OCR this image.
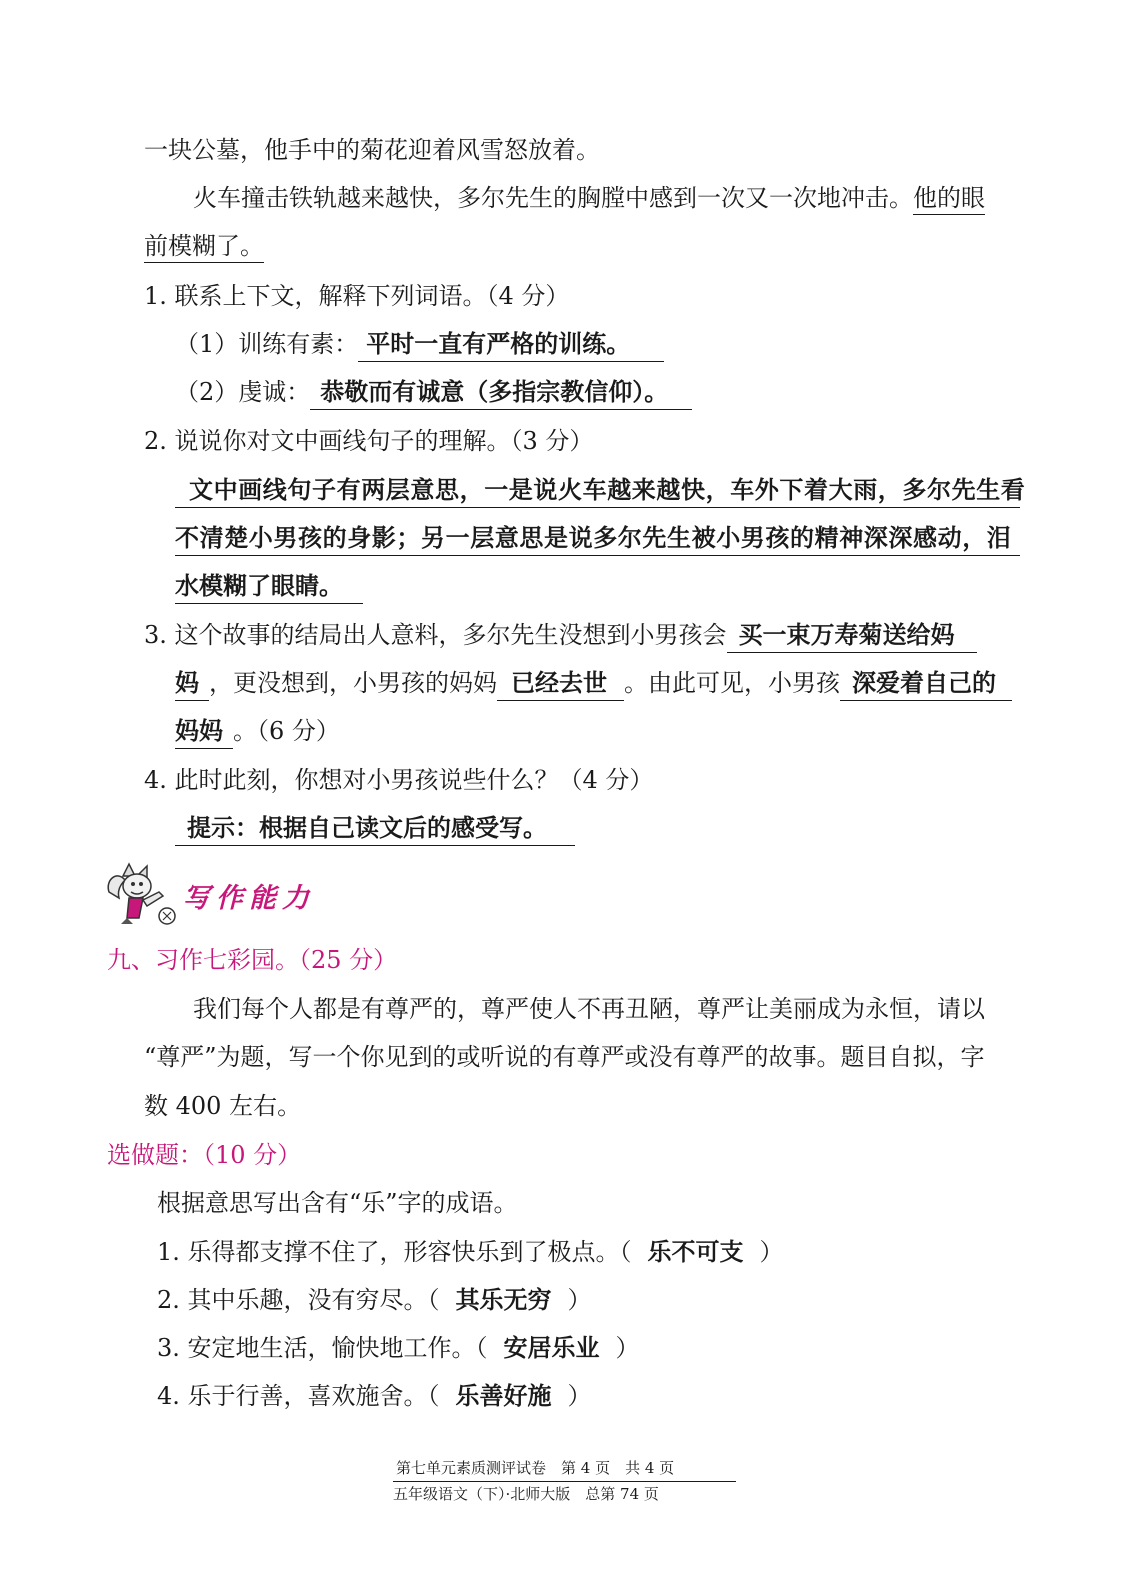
一块公墓，他手中的菊花迎着风雪怒放着。
火车撞击铁轨越来越快，多尔先生的胸膛中感到一次又一次地冲击。他的眼
前模糊了。
1. 联系上下文，解释下列词语。（4 分）
（1）训练有素： 平时一直有严格的训练。
（2）虔诚： 恭敬而有诚意（多指宗教信仰）。
2. 说说你对文中画线句子的理解。（3 分）
文中画线句子有两层意思，一是说火车越来越快，车外下着大雨，多尔先生看
不清楚小男孩的身影；另一层意思是说多尔先生被小男孩的精神深深感动，泪
水模糊了眼睛。
3. 这个故事的结局出人意料，多尔先生没想到小男孩会 买一束万寿菊送给妈
妈 ，更没想到，小男孩的妈妈 已经去世 。由此可见，小男孩 深爱着自己的
妈妈 。（6 分）
4. 此时此刻，你想对小男孩说些什么？（4 分）
提示：根据自己读文后的感受写。
写作能力
九、习作七彩园。（25 分）
我们每个人都是有尊严的，尊严使人不再丑陋，尊严让美丽成为永恒，请以
“尊严”为题，写一个你见到的或听说的有尊严或没有尊严的故事。题目自拟，字
数 400 左右。
选做题：（10 分）
根据意思写出含有“乐”字的成语。
1. 乐得都支撑不住了，形容快乐到了极点。（ 乐不可支 ）
2. 其中乐趣，没有穷尽。（ 其乐无穷 ）
3. 安定地生活，愉快地工作。（ 安居乐业 ）
4. 乐于行善，喜欢施舍。（ 乐善好施 ）
第七单元素质测评试卷　第 4 页　共 4 页
五年级语文（下）·北师大版　总第 74 页
